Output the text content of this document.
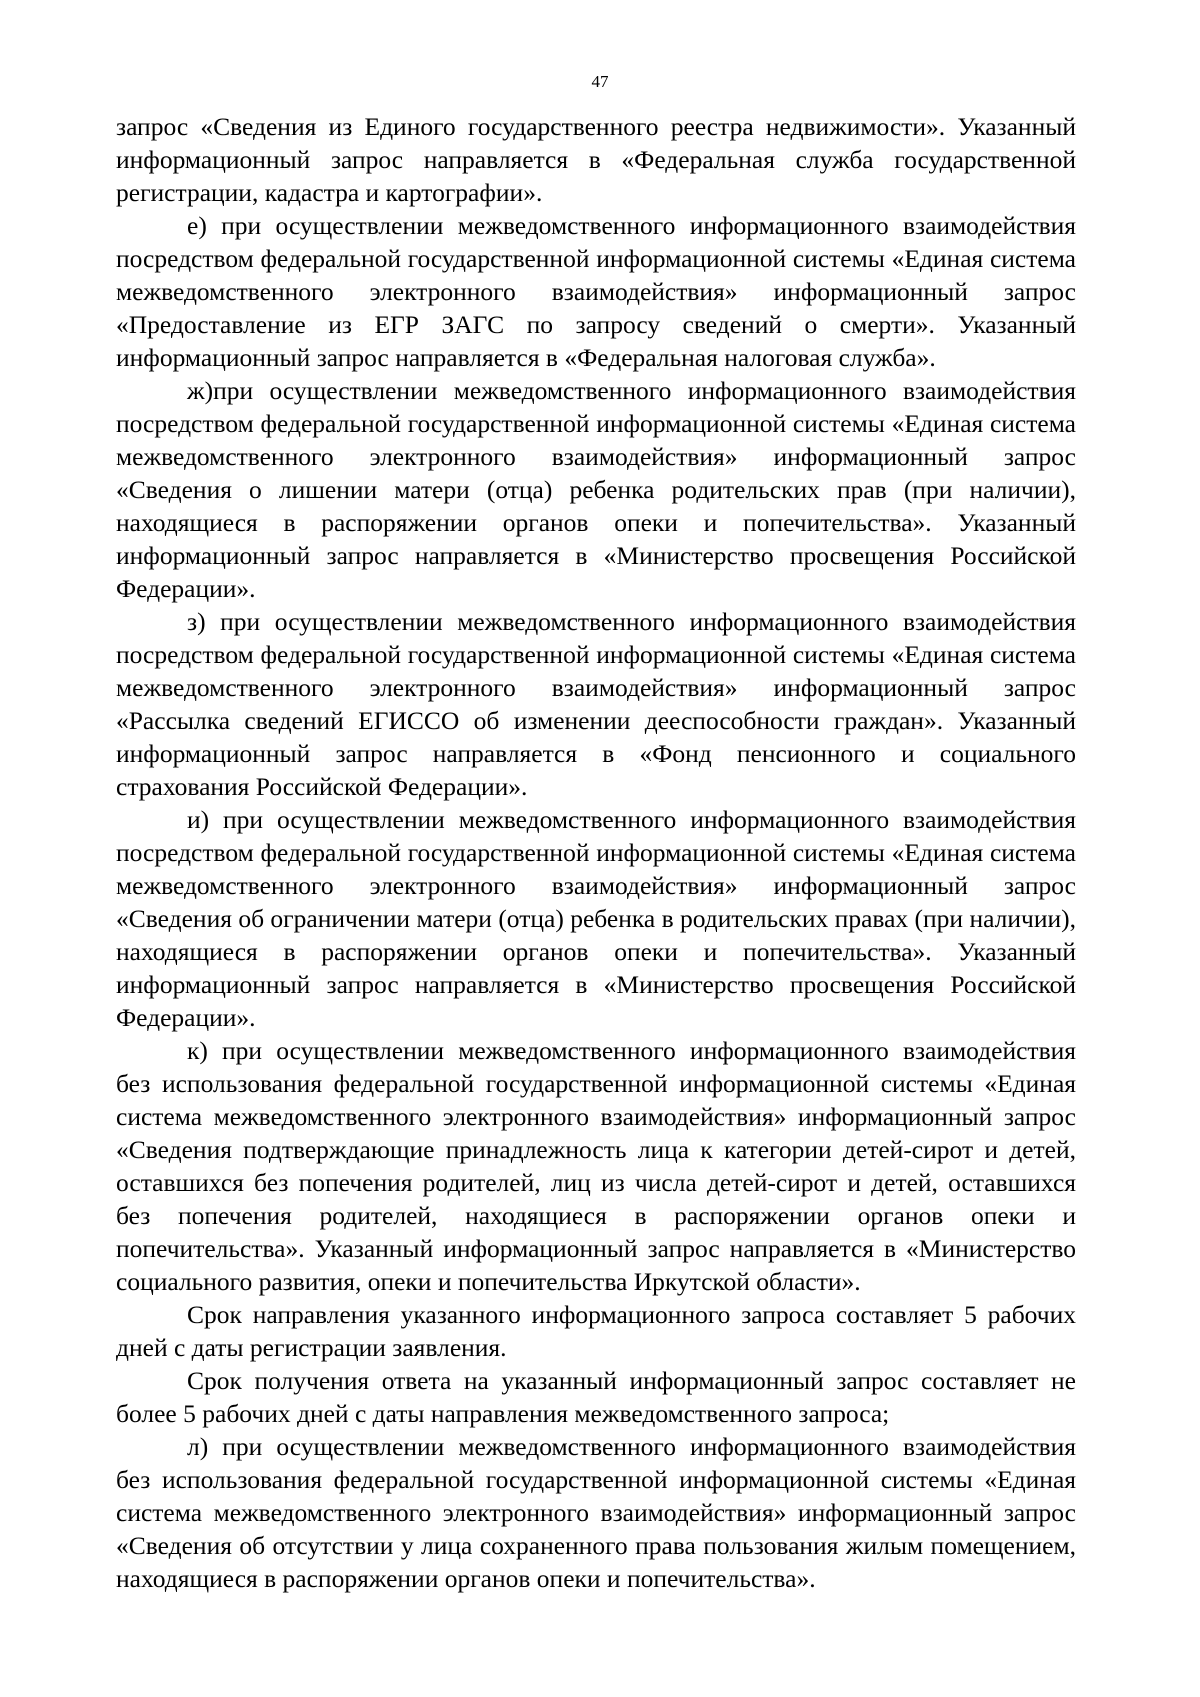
47

запрос «Сведения из Единого государственного реестра недвижимости». Указанный информационный запрос направляется в «Федеральная служба государственной регистрации, кадастра и картографии».

е) при осуществлении межведомственного информационного взаимодействия посредством федеральной государственной информационной системы «Единая система межведомственного электронного взаимодействия» информационный запрос «Предоставление из ЕГР ЗАГС по запросу сведений о смерти». Указанный информационный запрос направляется в «Федеральная налоговая служба».

ж)при осуществлении межведомственного информационного взаимодействия посредством федеральной государственной информационной системы «Единая система межведомственного электронного взаимодействия» информационный запрос «Сведения о лишении матери (отца) ребенка родительских прав (при наличии), находящиеся в распоряжении органов опеки и попечительства». Указанный информационный запрос направляется в «Министерство просвещения Российской Федерации».

з) при осуществлении межведомственного информационного взаимодействия посредством федеральной государственной информационной системы «Единая система межведомственного электронного взаимодействия» информационный запрос «Рассылка сведений ЕГИССО об изменении дееспособности граждан». Указанный информационный запрос направляется в «Фонд пенсионного и социального страхования Российской Федерации».

и) при осуществлении межведомственного информационного взаимодействия посредством федеральной государственной информационной системы «Единая система межведомственного электронного взаимодействия» информационный запрос «Сведения об ограничении матери (отца) ребенка в родительских правах (при наличии), находящиеся в распоряжении органов опеки и попечительства». Указанный информационный запрос направляется в «Министерство просвещения Российской Федерации».

к) при осуществлении межведомственного информационного взаимодействия без использования федеральной государственной информационной системы «Единая система межведомственного электронного взаимодействия» информационный запрос «Сведения подтверждающие принадлежность лица к категории детей-сирот и детей, оставшихся без попечения родителей, лиц из числа детей-сирот и детей, оставшихся без попечения родителей, находящиеся в распоряжении органов опеки и попечительства». Указанный информационный запрос направляется в «Министерство социального развития, опеки и попечительства Иркутской области».

Срок направления указанного информационного запроса составляет 5 рабочих дней с даты регистрации заявления.

Срок получения ответа на указанный информационный запрос составляет не более 5 рабочих дней с даты направления межведомственного запроса;

л) при осуществлении межведомственного информационного взаимодействия без использования федеральной государственной информационной системы «Единая система межведомственного электронного взаимодействия» информационный запрос «Сведения об отсутствии у лица сохраненного права пользования жилым помещением, находящиеся в распоряжении органов опеки и попечительства».
